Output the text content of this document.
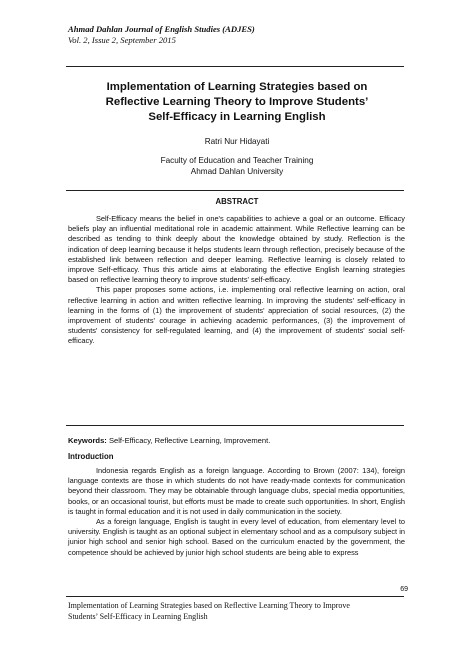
Ahmad Dahlan Journal of English Studies (ADJES)
Vol. 2, Issue 2, September 2015
Implementation of Learning Strategies based on
Reflective Learning Theory to Improve Students’
Self-Efficacy in Learning English
Ratri Nur Hidayati
Faculty of Education and Teacher Training
Ahmad Dahlan University
ABSTRACT

Self-Efficacy means the belief in one's capabilities to achieve a goal or an outcome. Efficacy beliefs play an influential meditational role in academic attainment. While Reflective learning can be described as tending to think deeply about the knowledge obtained by study. Reflection is the indication of deep learning because it helps students learn through reflection, precisely because of the established link between reflection and deeper learning. Reflective learning is closely related to improve Self-efficacy. Thus this article aims at elaborating the effective English learning strategies based on reflective learning theory to improve students' self-efficacy.

This paper proposes some actions, i.e. implementing oral reflective learning on action, oral reflective learning in action and written reflective learning. In improving the students' self-efficacy in learning in the forms of (1) the improvement of students' appreciation of social resources, (2) the improvement of students' courage in achieving academic performances, (3) the improvement of students' consistency for self-regulated learning, and (4) the improvement of students' social self-efficacy.

Keywords: Self-Efficacy, Reflective Learning, Improvement.
Introduction

Indonesia regards English as a foreign language. According to Brown (2007: 134), foreign language contexts are those in which students do not have ready-made contexts for communication beyond their classroom. They may be obtainable through language clubs, special media opportunities, books, or an occasional tourist, but efforts must be made to create such opportunities. In short, English is taught in formal education and it is not used in daily communication in the society.

As a foreign language, English is taught in every level of education, from elementary level to university. English is taught as an optional subject in elementary school and as a compulsory subject in junior high school and senior high school. Based on the curriculum enacted by the government, the competence should be achieved by junior high school students are being able to express

69
Implementation of Learning Strategies based on Reflective Learning Theory to Improve
Students’ Self-Efficacy in Learning English
